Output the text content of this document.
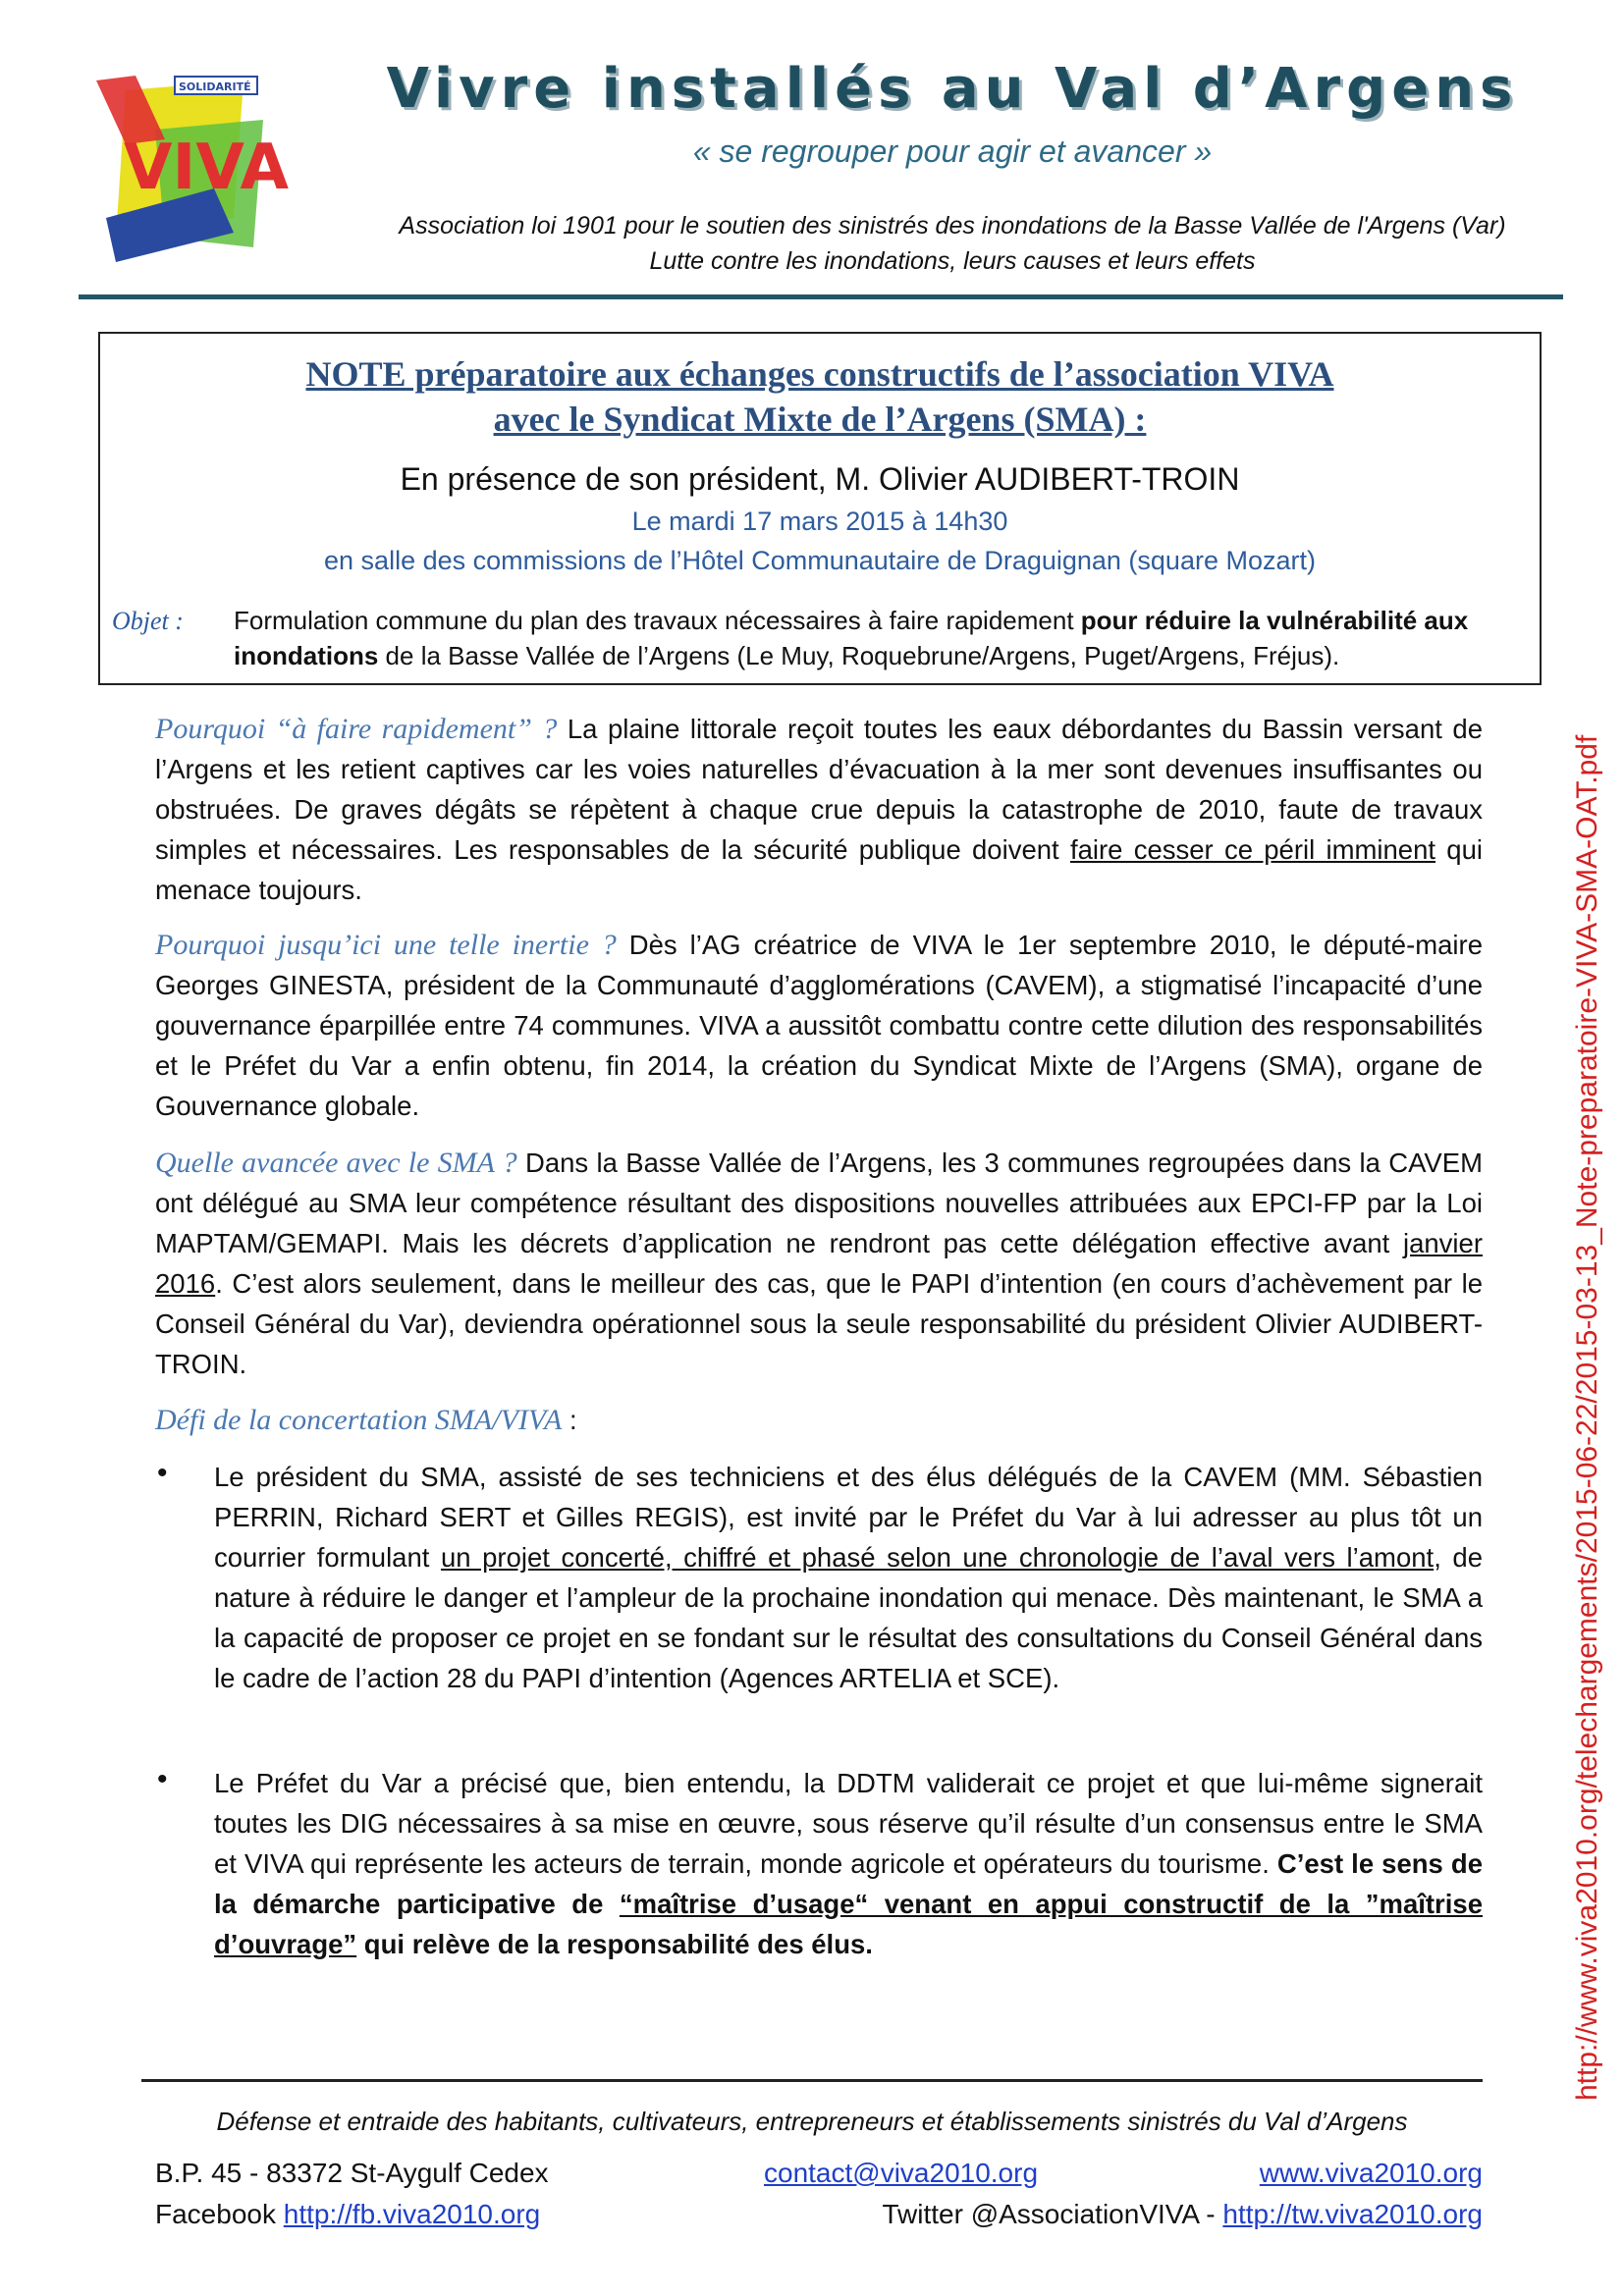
VIVA
SOLIDARITÉ	Vivre installés au Val d’Argens
« se regrouper pour agir et avancer »
Association loi 1901 pour le soutien des sinistrés des inondations de la Basse Vallée de l'Argens (Var)
Lutte contre les inondations, leurs causes et leurs effets
NOTE préparatoire aux échanges constructifs de l’association VIVA
avec le Syndicat Mixte de l’Argens (SMA) :
En présence de son président, M. Olivier AUDIBERT-TROIN
Le mardi 17 mars 2015 à 14h30
en salle des commissions de l’Hôtel Communautaire de Draguignan (square Mozart)
Objet : Formulation commune du plan des travaux nécessaires à faire rapidement pour réduire la vulnérabilité aux inondations de la Basse Vallée de l’Argens (Le Muy, Roquebrune/Argens, Puget/Argens, Fréjus).
Pourquoi “à faire rapidement” ? La plaine littorale reçoit toutes les eaux débordantes du Bassin versant de l’Argens et les retient captives car les voies naturelles d’évacuation à la mer sont devenues insuffisantes ou obstruées. De graves dégâts se répètent à chaque crue depuis la catastrophe de 2010, faute de travaux simples et nécessaires. Les responsables de la sécurité publique doivent faire cesser ce péril imminent qui menace toujours.
Pourquoi jusqu’ici une telle inertie ? Dès l’AG créatrice de VIVA le 1er septembre 2010, le député-maire Georges GINESTA, président de la Communauté d’agglomérations (CAVEM), a stigmatisé l’incapacité d’une gouvernance éparpillée entre 74 communes. VIVA a aussitôt combattu contre cette dilution des responsabilités et le Préfet du Var a enfin obtenu, fin 2014, la création du Syndicat Mixte de l’Argens (SMA), organe de Gouvernance globale.
Quelle avancée avec le SMA ? Dans la Basse Vallée de l’Argens, les 3 communes regroupées dans la CAVEM ont délégué au SMA leur compétence résultant des dispositions nouvelles attribuées aux EPCI-FP par la Loi MAPTAM/GEMAPI. Mais les décrets d’application ne rendront pas cette délégation effective avant janvier 2016. C’est alors seulement, dans le meilleur des cas, que le PAPI d’intention (en cours d’achèvement par le Conseil Général du Var), deviendra opérationnel sous la seule responsabilité du président Olivier AUDIBERT-TROIN.
Défi de la concertation SMA/VIVA :
• Le président du SMA, assisté de ses techniciens et des élus délégués de la CAVEM (MM. Sébastien PERRIN, Richard SERT et Gilles REGIS), est invité par le Préfet du Var à lui adresser au plus tôt un courrier formulant un projet concerté, chiffré et phasé selon une chronologie de l’aval vers l’amont, de nature à réduire le danger et l’ampleur de la prochaine inondation qui menace. Dès maintenant, le SMA a la capacité de proposer ce projet en se fondant sur le résultat des consultations du Conseil Général dans le cadre de l’action 28 du PAPI d’intention (Agences ARTELIA et SCE).
• Le Préfet du Var a précisé que, bien entendu, la DDTM validerait ce projet et que lui-même signerait toutes les DIG nécessaires à sa mise en œuvre, sous réserve qu’il résulte d’un consensus entre le SMA et VIVA qui représente les acteurs de terrain, monde agricole et opérateurs du tourisme. C’est le sens de la démarche participative de “maîtrise d’usage“ venant en appui constructif de la ”maîtrise d’ouvrage” qui relève de la responsabilité des élus.
Défense et entraide des habitants, cultivateurs, entrepreneurs et établissements sinistrés du Val d’Argens
B.P. 45 - 83372 St-Aygulf Cedex
Facebook http://fb.viva2010.org
contact@viva2010.org	www.viva2010.org
Twitter @AssociationVIVA - http://tw.viva2010.org
http://www.viva2010.org/telechargements/2015-06-22/2015-03-13_Note-preparatoire-VIVA-SMA-OAT.pdf
